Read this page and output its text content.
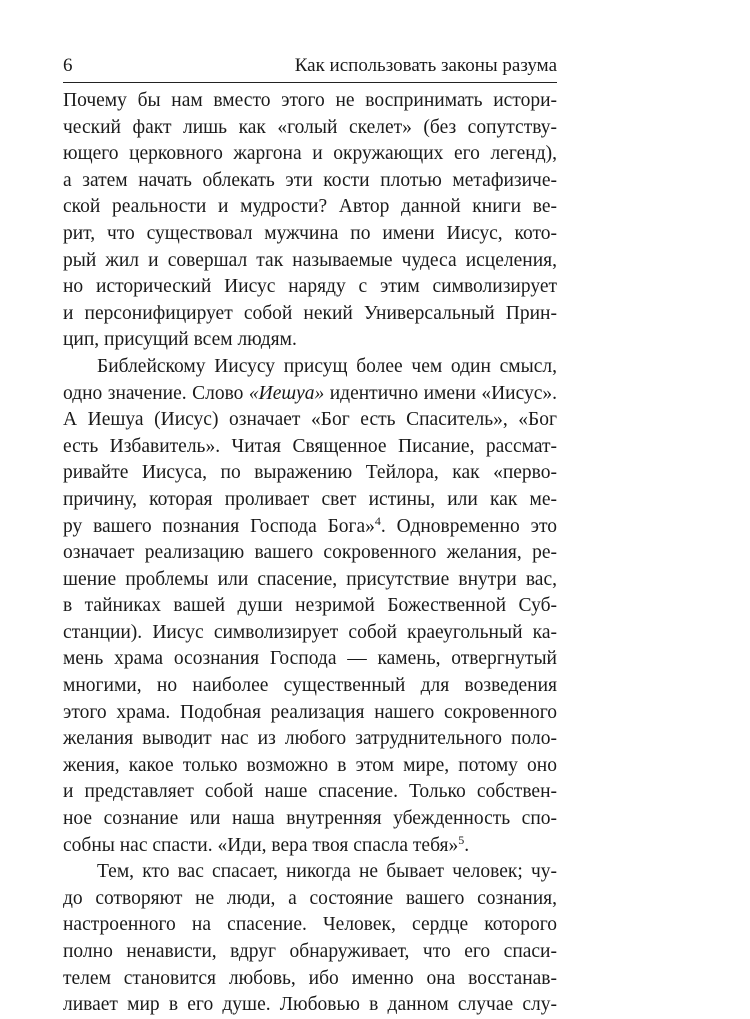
6	Как использовать законы разума
Почему бы нам вместо этого не воспринимать истори-
ческий факт лишь как «голый скелет» (без сопутству-
ющего церковного жаргона и окружающих его легенд),
а затем начать облекать эти кости плотью метафизиче-
ской реальности и мудрости? Автор данной книги ве-
рит, что существовал мужчина по имени Иисус, кото-
рый жил и совершал так называемые чудеса исцеления,
но исторический Иисус наряду с этим символизирует
и персонифицирует собой некий Универсальный Прин-
цип, присущий всем людям.
Библейскому Иисусу присущ более чем один смысл,
одно значение. Слово «Иешуа» идентично имени «Иисус».
А Иешуа (Иисус) означает «Бог есть Спаситель», «Бог
есть Избавитель». Читая Священное Писание, рассмат-
ривайте Иисуса, по выражению Тейлора, как «перво-
причину, которая проливает свет истины, или как ме-
ру вашего познания Господа Бога»$^4$. Одновременно это
означает реализацию вашего сокровенного желания, ре-
шение проблемы или спасение, присутствие внутри вас,
в тайниках вашей души незримой Божественной Суб-
станции). Иисус символизирует собой краеугольный ка-
мень храма осознания Господа — камень, отвергнутый
многими, но наиболее существенный для возведения
этого храма. Подобная реализация нашего сокровенного
желания выводит нас из любого затруднительного поло-
жения, какое только возможно в этом мире, потому оно
и представляет собой наше спасение. Только собствен-
ное сознание или наша внутренняя убежденность спо-
собны нас спасти. «Иди, вера твоя спасла тебя»$^5$.
Тем, кто вас спасает, никогда не бывает человек; чу-
до сотворяют не люди, а состояние вашего сознания,
настроенного на спасение. Человек, сердце которого
полно ненависти, вдруг обнаруживает, что его спаси-
телем становится любовь, ибо именно она восстанав-
ливает мир в его душе. Любовью в данном случае слу-
